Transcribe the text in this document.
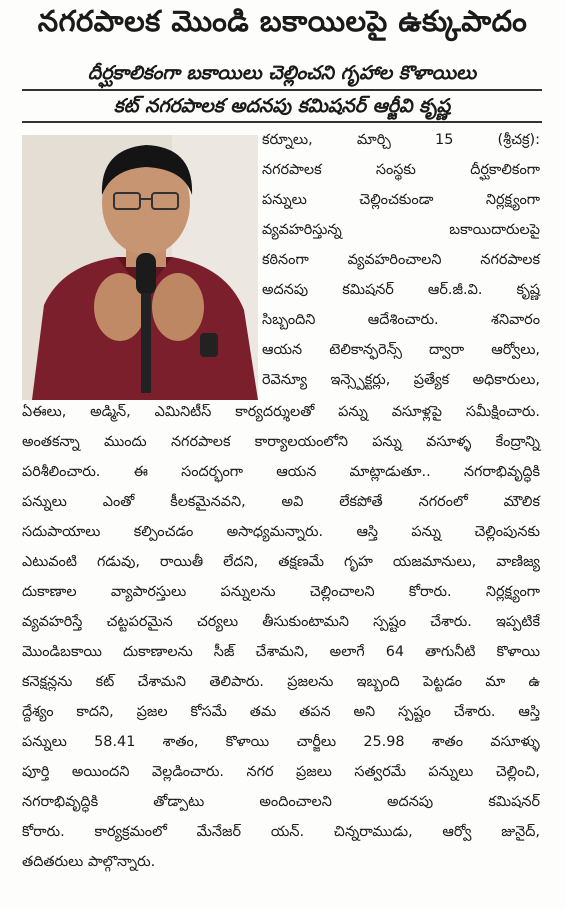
నగరపాలక మొండి బకాయిలపై ఉక్కుపాదం
దీర్ఘకాలికంగా బకాయిలు చెల్లించని గృహాల కొళాయిలు
కట్ నగరపాలక అదనపు కమిషనర్ ఆర్జీవి కృష్ణ
కర్నూలు, మార్చి 15 (శ్రీచక్ర):
నగరపాలక సంస్థకు దీర్ఘకాలికంగా
పన్నులు చెల్లించకుండా నిర్లక్ష్యంగా
వ్యవహరిస్తున్న బకాయిదారులపై
కఠినంగా వ్యవహరించాలని నగరపాలక
అదనపు కమిషనర్ ఆర్.జీ.వి. కృష్ణ
సిబ్బందిని ఆదేశించారు. శనివారం
ఆయన టెలికాన్ఫరెన్స్ ద్వారా ఆర్వోలు,
రెవెన్యూ ఇన్స్పెక్టర్లు, ప్రత్యేక అధికారులు,
ఏఈలు, అడ్మిన్, ఎమినిటీస్ కార్యదర్శులతో పన్ను వసూళ్లపై సమీక్షించారు.
అంతకన్నా ముందు నగరపాలక కార్యాలయంలోని పన్ను వసూళ్ళ కేంద్రాన్ని
పరిశీలించారు. ఈ సందర్భంగా ఆయన మాట్లాడుతూ.. నగరాభివృద్ధికి
పన్నులు ఎంతో కీలకమైనవని, అవి లేకపోతే నగరంలో మౌలిక
సదుపాయాలు కల్పించడం అసాధ్యమన్నారు. ఆస్తి పన్ను చెల్లింపునకు
ఎటువంటి గడువు, రాయితీ లేదని, తక్షణమే గృహ యజమానులు, వాణిజ్య
దుకాణాల వ్యాపారస్తులు పన్నులను చెల్లించాలని కోరారు. నిర్లక్ష్యంగా
వ్యవహరిస్తే చట్టపరమైన చర్యలు తీసుకుంటామని స్పష్టం చేశారు. ఇప్పటికే
మొండిబకాయి దుకాణాలను సీజ్ చేశామని, అలాగే 64 తాగునీటి కొళాయి
కనెక్షన్లను కట్ చేశామని తెలిపారు. ప్రజలను ఇబ్బంది పెట్టడం మా ఉ
ద్దేశ్యం కాదని, ప్రజల కోసమే తమ తపన అని స్పష్టం చేశారు. ఆస్తి
పన్నులు 58.41 శాతం, కొళాయి చార్జీలు 25.98 శాతం వసూళ్ళు
పూర్తి అయిందని వెల్లడించారు. నగర ప్రజలు సత్వరమే పన్నులు చెల్లించి,
నగరాభివృద్ధికి తోడ్పాటు అందించాలని అదనపు కమిషనర్
కోరారు. కార్యక్రమంలో మేనేజర్ యన్. చిన్నరాముడు, ఆర్వో జునైద్,
తదితరులు పాల్గొన్నారు.
